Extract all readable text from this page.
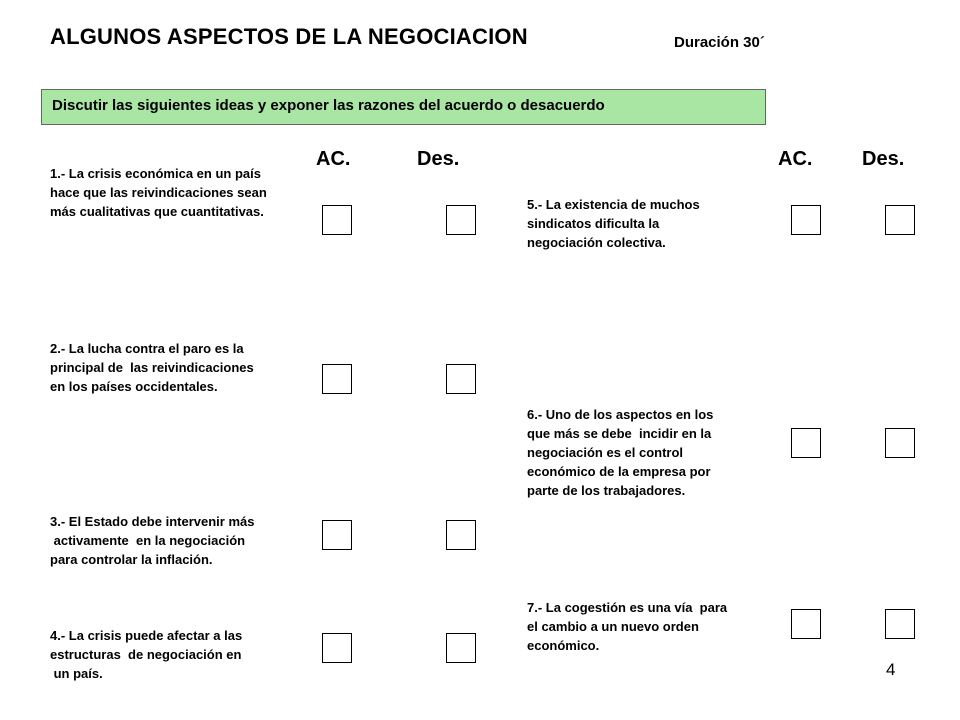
ALGUNOS ASPECTOS DE LA NEGOCIACION	Duración 30´
Discutir las siguientes ideas y exponer las razones del acuerdo o desacuerdo
AC.	Des.	AC. Des.
1.- La crisis económica en un país
hace que las reivindicaciones sean
más cualitativas que cuantitativas.
2.- La lucha contra el paro es la
principal de  las reivindicaciones
en los países occidentales.
3.- El Estado debe intervenir más
activamente  en la negociación
para controlar la inflación.
4.- La crisis puede afectar a las
estructuras  de negociación en
un país.
5.- La existencia de muchos
sindicatos dificulta la
negociación colectiva.
6.- Uno de los aspectos en los
que más se debe  incidir en la
negociación es el control
económico de la empresa por
parte de los trabajadores.
7.- La cogestión es una vía  para
el cambio a un nuevo orden
económico.
4
